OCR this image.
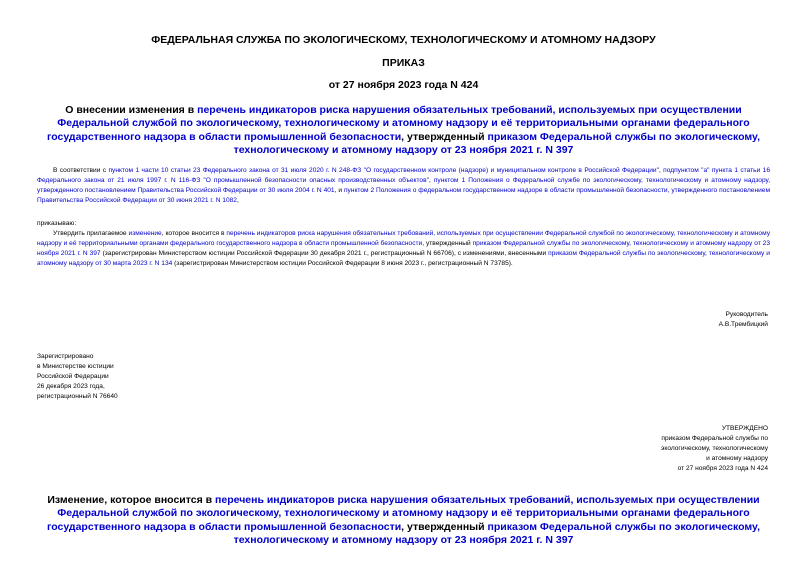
ФЕДЕРАЛЬНАЯ СЛУЖБА ПО ЭКОЛОГИЧЕСКОМУ, ТЕХНОЛОГИЧЕСКОМУ И АТОМНОМУ НАДЗОРУ
ПРИКАЗ
от 27 ноября 2023 года N 424
О внесении изменения в перечень индикаторов риска нарушения обязательных требований, используемых при осуществлении Федеральной службой по экологическому, технологическому и атомному надзору и её территориальными органами федерального государственного надзора в области промышленной безопасности, утвержденный приказом Федеральной службы по экологическому, технологическому и атомному надзору от 23 ноября 2021 г. N 397
В соответствии с пунктом 1 части 10 статьи 23 Федерального закона от 31 июля 2020 г. N 248-ФЗ "О государственном контроле (надзоре) и муниципальном контроле в Российской Федерации", подпунктом "а" пункта 1 статьи 16 Федерального закона от 21 июля 1997 г. N 116-ФЗ "О промышленной безопасности опасных производственных объектов", пунктом 1 Положения о Федеральной службе по экологическому, технологическому и атомному надзору, утвержденного постановлением Правительства Российской Федерации от 30 июля 2004 г. N 401, и пунктом 2 Положения о федеральном государственном надзоре в области промышленной безопасности, утвержденного постановлением Правительства Российской Федерации от 30 июня 2021 г. N 1082,
приказываю:
Утвердить прилагаемое изменение, которое вносится в перечень индикаторов риска нарушения обязательных требований, используемых при осуществлении Федеральной службой по экологическому, технологическому и атомному надзору и её территориальными органами федерального государственного надзора в области промышленной безопасности, утвержденный приказом Федеральной службы по экологическому, технологическому и атомному надзору от 23 ноября 2021 г. N 397 (зарегистрирован Министерством юстиции Российской Федерации 30 декабря 2021 г., регистрационный N 66706), с изменениями, внесенными приказом Федеральной службы по экологическому, технологическому и атомному надзору от 30 марта 2023 г. N 134 (зарегистрирован Министерством юстиции Российской Федерации 8 июня 2023 г., регистрационный N 73785).
Руководитель
А.В.Трембицкий
Зарегистрировано
в Министерстве юстиции
Российской Федерации
26 декабря 2023 года,
регистрационный N 76640
УТВЕРЖДЕНО
приказом Федеральной службы по
экологическому, технологическому
и атомному надзору
от 27 ноября 2023 года N 424
Изменение, которое вносится в перечень индикаторов риска нарушения обязательных требований, используемых при осуществлении Федеральной службой по экологическому, технологическому и атомному надзору и её территориальными органами федерального государственного надзора в области промышленной безопасности, утвержденный приказом Федеральной службы по экологическому, технологическому и атомному надзору от 23 ноября 2021 г. N 397
